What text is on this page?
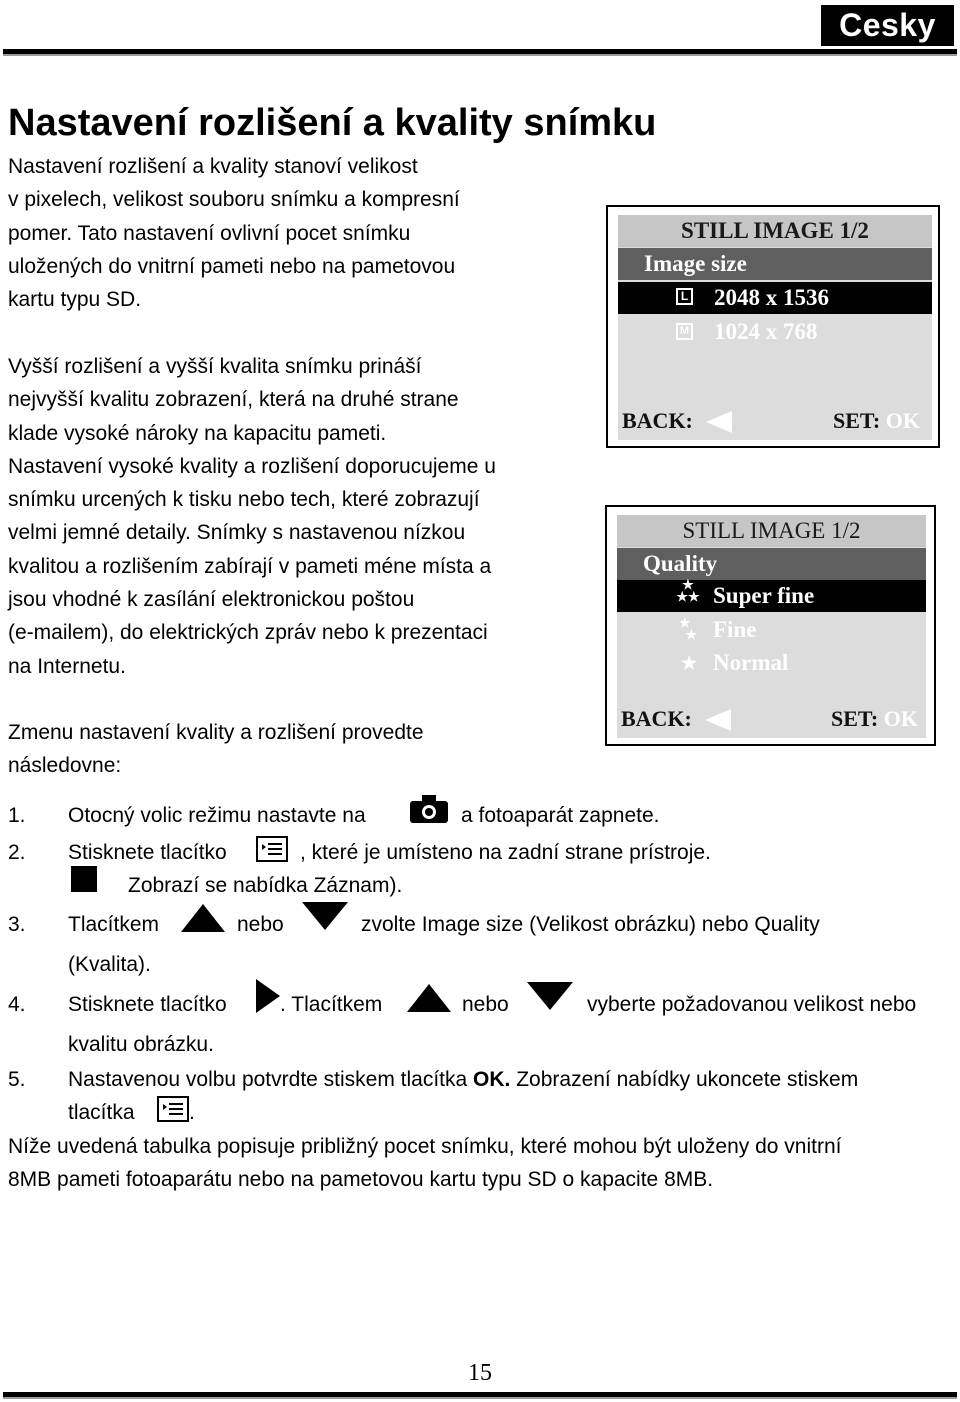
Cesky
Nastavení rozlišení a kvality snímku
Nastavení rozlišení a kvality stanoví velikost
v pixelech, velikost souboru snímku a kompresní
pomer. Tato nastavení ovlivní pocet snímku
uložených do vnitrní pameti nebo na pametovou
kartu typu SD.
Vyšší rozlišení a vyšší kvalita snímku prináší
nejvyšší kvalitu zobrazení, která na druhé strane
klade vysoké nároky na kapacitu pameti.
Nastavení vysoké kvality a rozlišení doporucujeme u
snímku urcených k tisku nebo tech, které zobrazují
velmi jemné detaily. Snímky s nastavenou nízkou
kvalitou a rozlišením zabírají v pameti méne místa a
jsou vhodné k zasílání elektronickou poštou
(e-mailem), do elektrických zpráv nebo k prezentaci
na Internetu.
Zmenu nastavení kvality a rozlišení provedte
následovne:
STILL IMAGE 1/2
Image size
L 2048 x 1536
M 1024 x 768
BACK:	SET: OK
STILL IMAGE 1/2
Quality
★
★★ Super fine
★
★ Fine
★ Normal
BACK:	SET: OK
1. Otocný volic režimu nastavte na	a fotoaparát zapnete.
2. Stisknete tlacítko	, které je umísteno na zadní strane prístroje.
Zobrazí se nabídka Záznam).
3. Tlacítkem	nebo	zvolte Image size (Velikost obrázku) nebo Quality
(Kvalita).
4. Stisknete tlacítko	. Tlacítkem	nebo	vyberte požadovanou velikost nebo
kvalitu obrázku.
5. Nastavenou volbu potvrdte stiskem tlacítka OK. Zobrazení nabídky ukoncete stiskem
tlacítka	.
Níže uvedená tabulka popisuje približný pocet snímku, které mohou být uloženy do vnitrní
8MB pameti fotoaparátu nebo na pametovou kartu typu SD o kapacite 8MB.
15
